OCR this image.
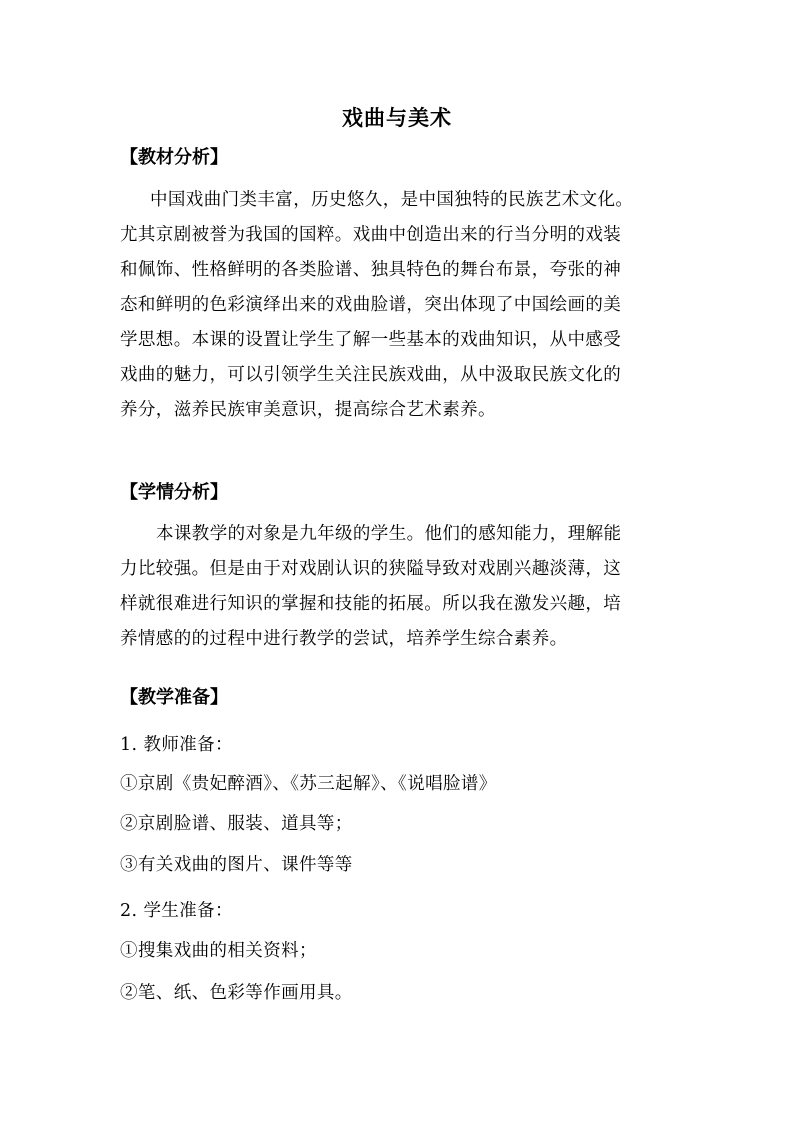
戏曲与美术
【教材分析】
中国戏曲门类丰富，历史悠久，是中国独特的民族艺术文化。
尤其京剧被誉为我国的国粹。戏曲中创造出来的行当分明的戏装
和佩饰、性格鲜明的各类脸谱、独具特色的舞台布景，夸张的神
态和鲜明的色彩演绎出来的戏曲脸谱，突出体现了中国绘画的美
学思想。本课的设置让学生了解一些基本的戏曲知识，从中感受
戏曲的魅力，可以引领学生关注民族戏曲，从中汲取民族文化的
养分，滋养民族审美意识，提高综合艺术素养。
【学情分析】
本课教学的对象是九年级的学生。他们的感知能力，理解能
力比较强。但是由于对戏剧认识的狭隘导致对戏剧兴趣淡薄，这
样就很难进行知识的掌握和技能的拓展。所以我在激发兴趣，培
养情感的的过程中进行教学的尝试，培养学生综合素养。
【教学准备】
1. 教师准备：
①京剧《贵妃醉酒》、《苏三起解》、《说唱脸谱》
②京剧脸谱、服装、道具等；
③有关戏曲的图片、课件等等
2. 学生准备：
①搜集戏曲的相关资料；
②笔、纸、色彩等作画用具。
